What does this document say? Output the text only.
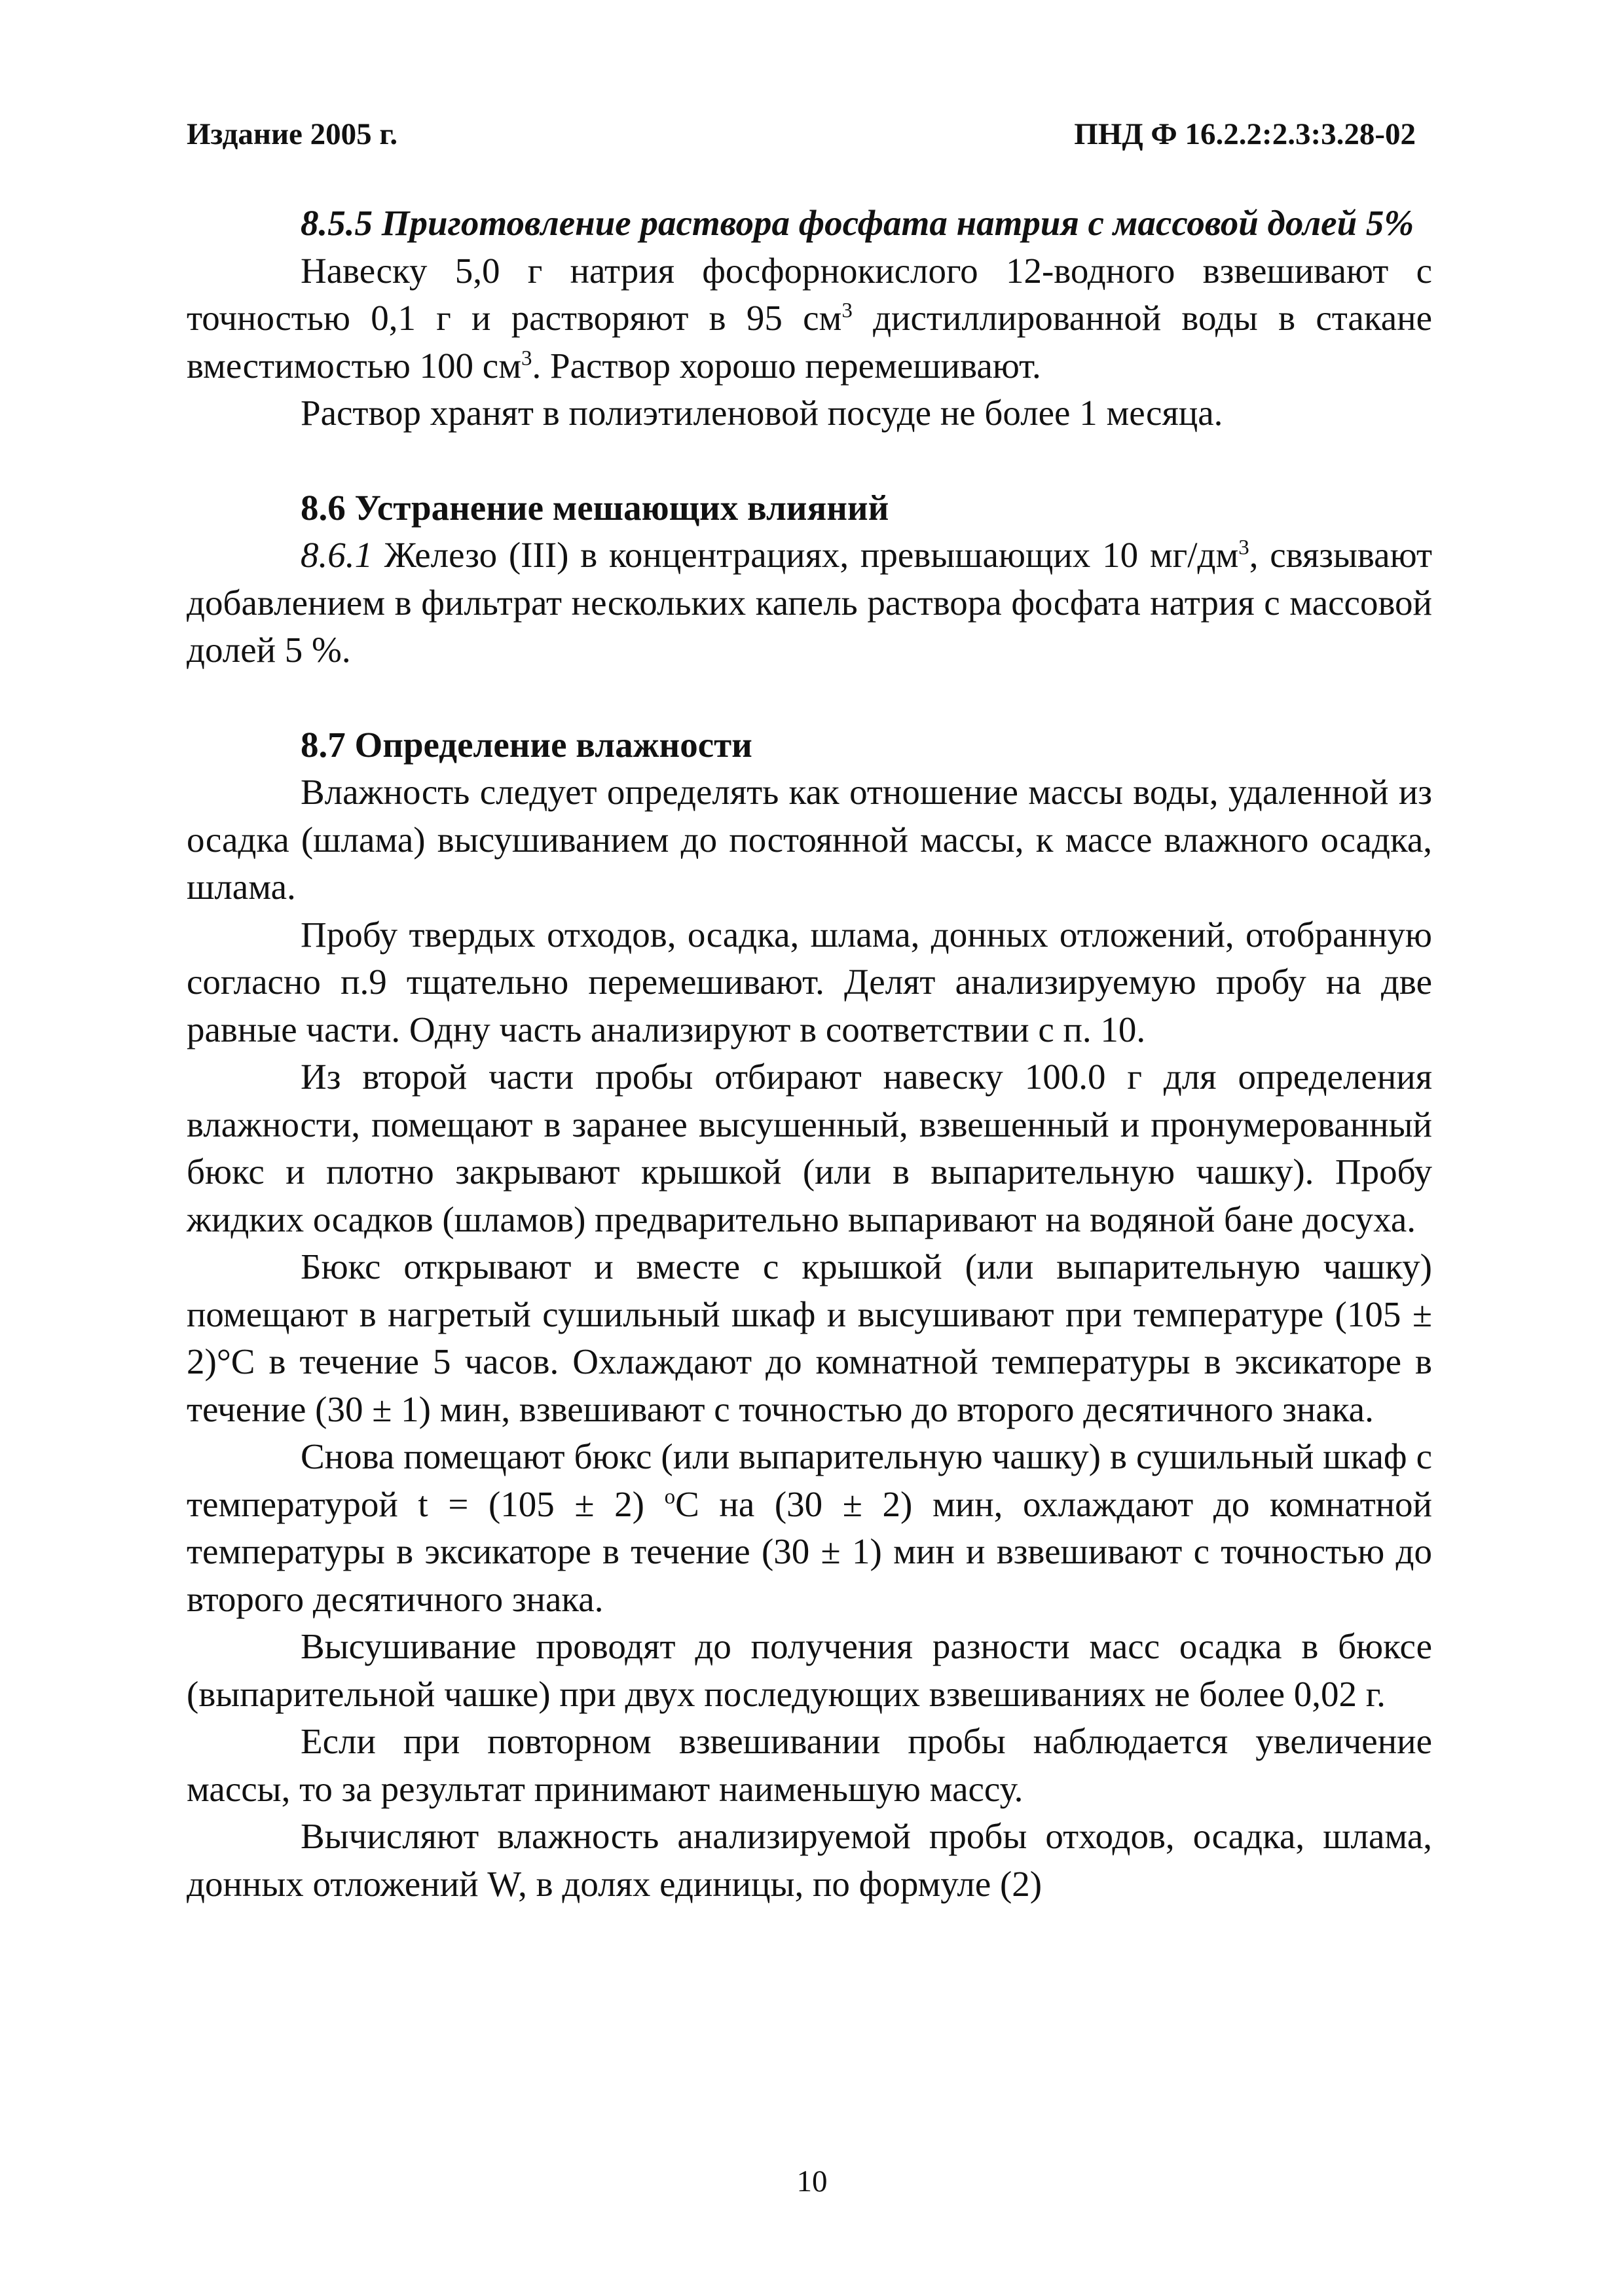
Издание 2005 г.	ПНД Ф 16.2.2:2.3:3.28-02
8.5.5 Приготовление раствора фосфата натрия с массовой долей 5%

Навеску 5,0 г натрия фосфорнокислого 12-водного взвешивают с точностью 0,1 г и растворяют в 95 $см^3$ дистиллированной воды в стакане вместимостью 100 $см^3$. Раствор хорошо перемешивают.

Раствор хранят в полиэтиленовой посуде не более 1 месяца.

8.6 Устранение мешающих влияний

8.6.1 Железо (III) в концентрациях, превышающих 10 $мг/дм^3$, связывают добавлением в фильтрат нескольких капель раствора фосфата натрия с массовой долей 5 %.

8.7 Определение влажности

Влажность следует определять как отношение массы воды, удаленной из осадка (шлама) высушиванием до постоянной массы, к массе влажного осадка, шлама.

Пробу твердых отходов, осадка, шлама, донных отложений, отобранную согласно п.9 тщательно перемешивают. Делят анализируемую пробу на две равные части. Одну часть анализируют в соответствии с п. 10.

Из второй части пробы отбирают навеску 100.0 г для определения влажности, помещают в заранее высушенный, взвешенный и пронумерованный бюкс и плотно закрывают крышкой (или в выпарительную чашку). Пробу жидких осадков (шламов) предварительно выпаривают на водяной бане досуха.

Бюкс открывают и вместе с крышкой (или выпарительную чашку) помещают в нагретый сушильный шкаф и высушивают при температуре (105 ± 2)°С в течение 5 часов. Охлаждают до комнатной температуры в эксикаторе в течение (30 ± 1) мин, взвешивают с точностью до второго десятичного знака.

Снова помещают бюкс (или выпарительную чашку) в сушильный шкаф с температурой t = (105 ± 2) $^о$С на (30 ± 2) мин, охлаждают до комнатной температуры в эксикаторе в течение (30 ± 1) мин и взвешивают с точностью до второго десятичного знака.

Высушивание проводят до получения разности масс осадка в бюксе (выпарительной чашке) при двух последующих взвешиваниях не более 0,02 г.

Если при повторном взвешивании пробы наблюдается увеличение массы, то за результат принимают наименьшую массу.

Вычисляют влажность анализируемой пробы отходов, осадка, шлама, донных отложений W, в долях единицы, по формуле (2)

10
